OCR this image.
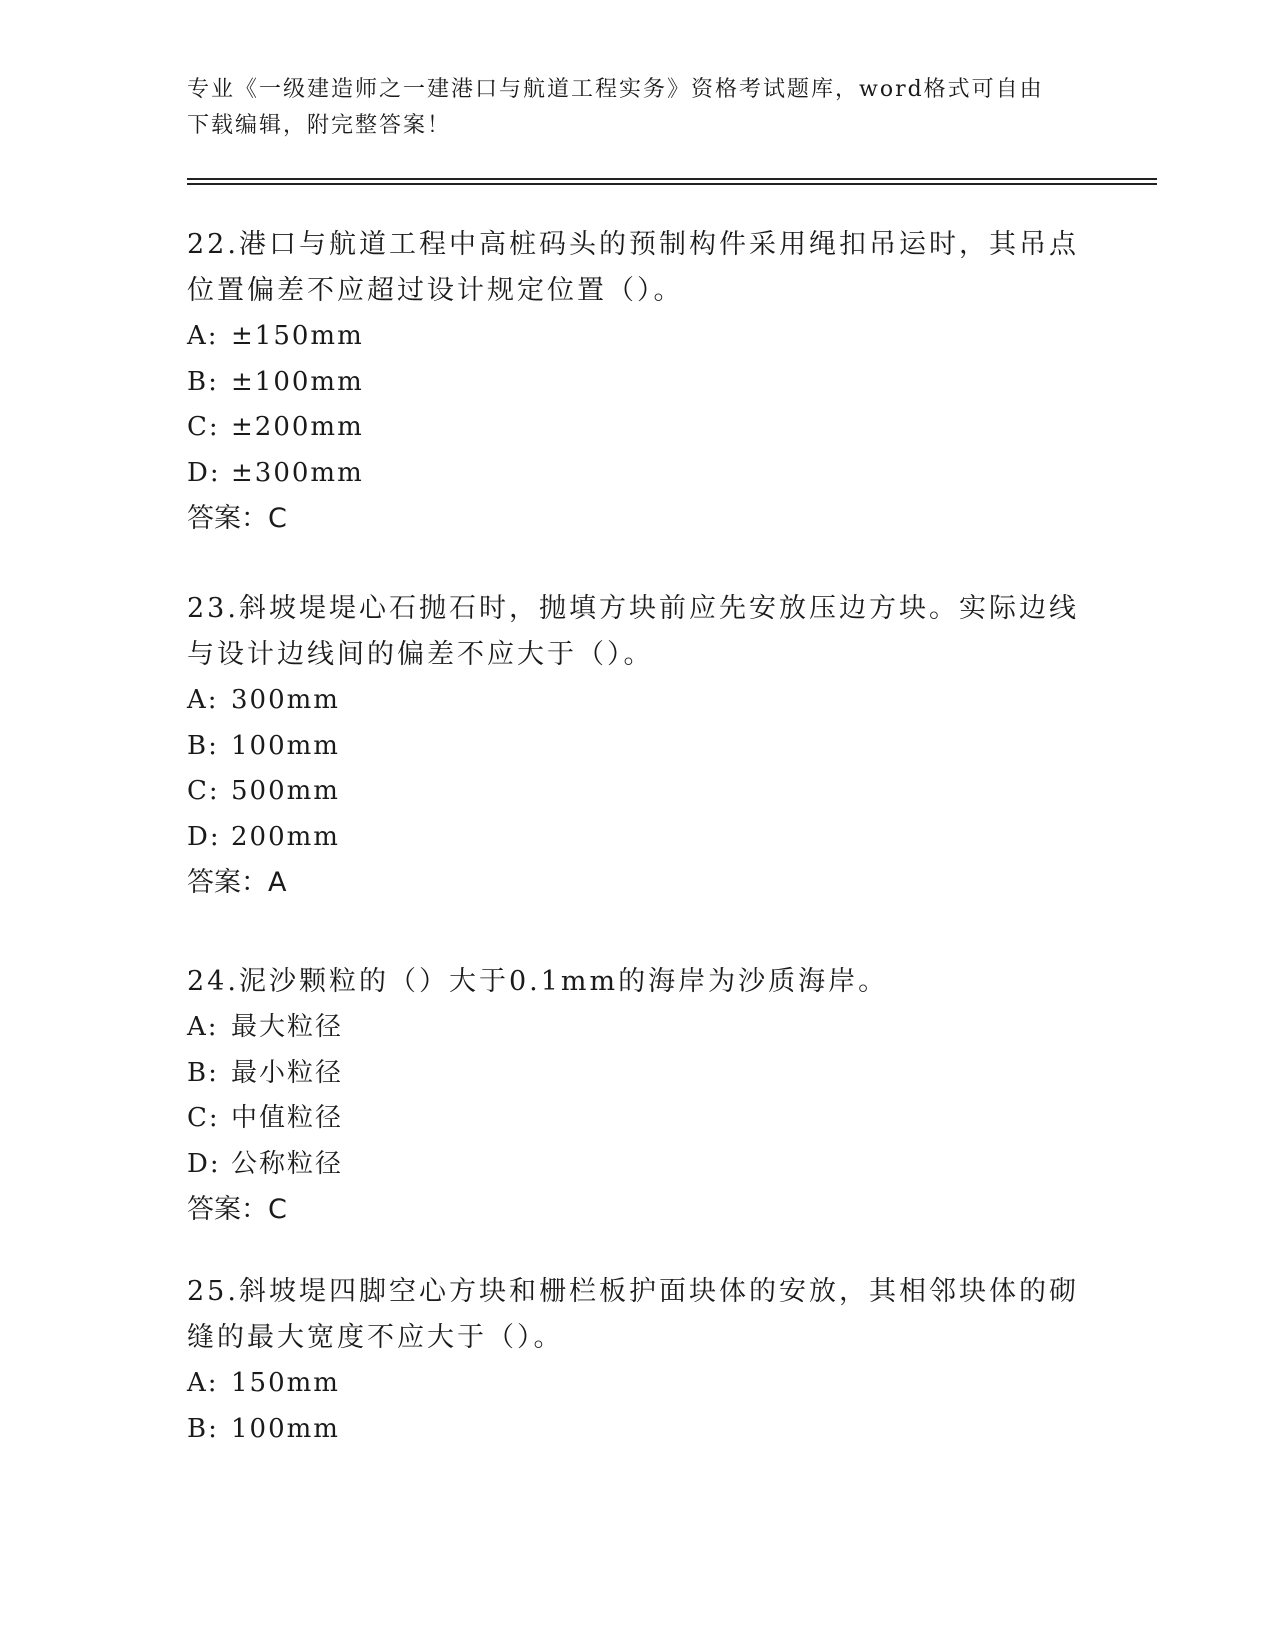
专业《一级建造师之一建港口与航道工程实务》资格考试题库，word格式可自由下载编辑，附完整答案！

22.港口与航道工程中高桩码头的预制构件采用绳扣吊运时，其吊点位置偏差不应超过设计规定位置（）。

A: ±150mm

B: ±100mm

C: ±200mm

D: ±300mm

答案：C

23.斜坡堤堤心石抛石时，抛填方块前应先安放压边方块。实际边线与设计边线间的偏差不应大于（）。

A: 300mm

B: 100mm

C: 500mm

D: 200mm

答案：A

24.泥沙颗粒的（）大于0.1mm的海岸为沙质海岸。

A: 最大粒径

B: 最小粒径

C: 中值粒径

D: 公称粒径

答案：C

25.斜坡堤四脚空心方块和栅栏板护面块体的安放，其相邻块体的砌缝的最大宽度不应大于（）。

A: 150mm

B: 100mm
